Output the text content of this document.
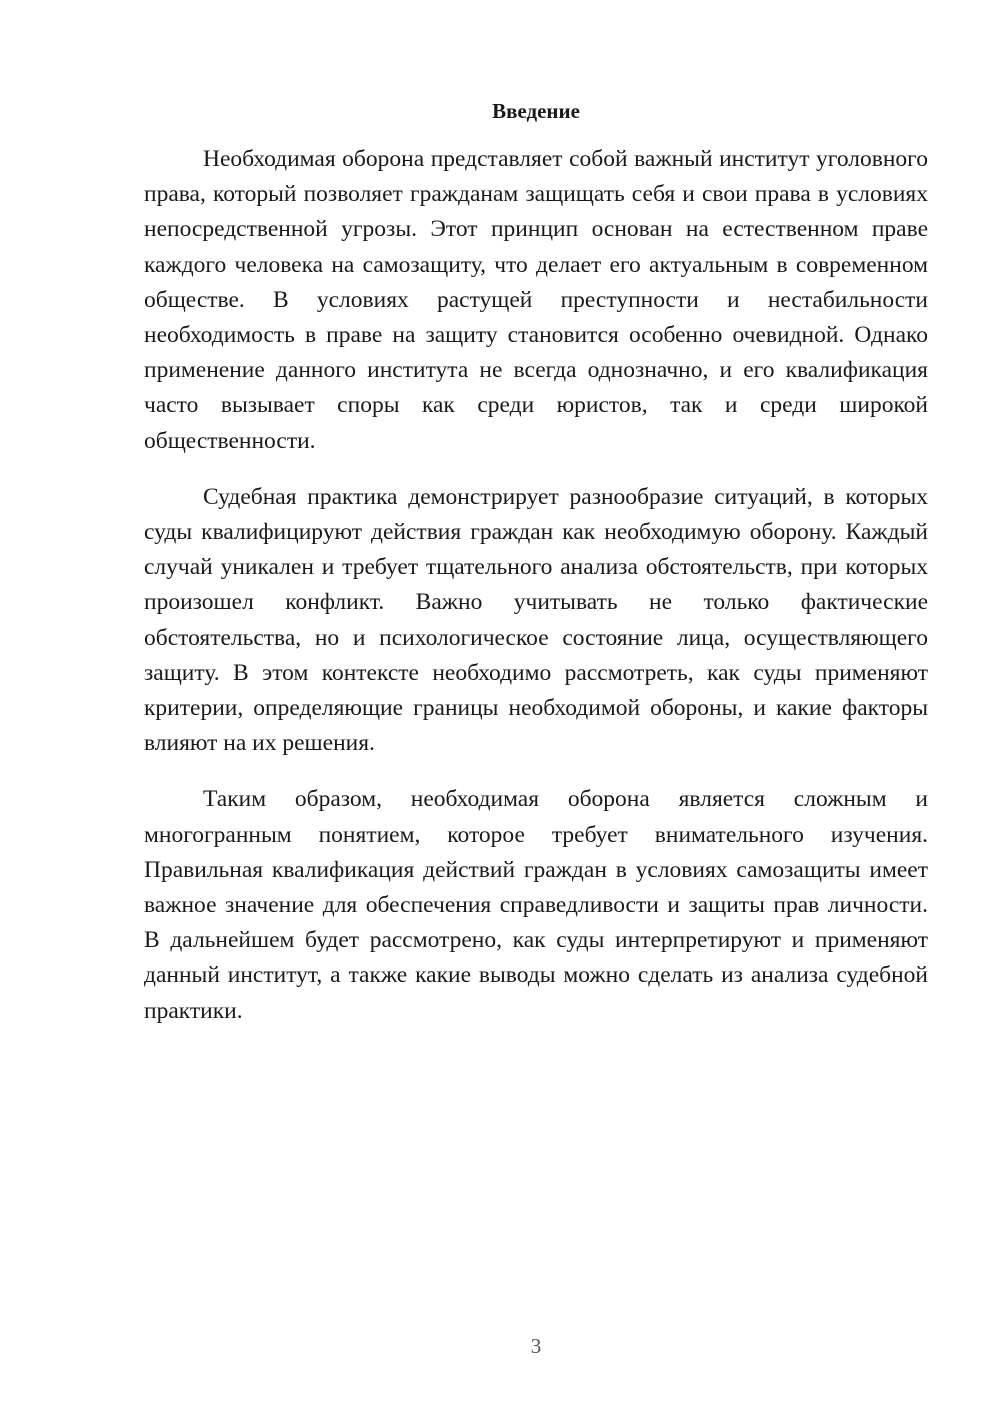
Введение

Необходимая оборона представляет собой важный институт уголовного права, который позволяет гражданам защищать себя и свои права в условиях непосредственной угрозы. Этот принцип основан на естественном праве каждого человека на самозащиту, что делает его актуальным в современном обществе. В условиях растущей преступности и нестабильности необходимость в праве на защиту становится особенно очевидной. Однако применение данного института не всегда однозначно, и его квалификация часто вызывает споры как среди юристов, так и среди широкой общественности.

Судебная практика демонстрирует разнообразие ситуаций, в которых суды квалифицируют действия граждан как необходимую оборону. Каждый случай уникален и требует тщательного анализа обстоятельств, при которых произошел конфликт. Важно учитывать не только фактические обстоятельства, но и психологическое состояние лица, осуществляющего защиту. В этом контексте необходимо рассмотреть, как суды применяют критерии, определяющие границы необходимой обороны, и какие факторы влияют на их решения.

Таким образом, необходимая оборона является сложным и многогранным понятием, которое требует внимательного изучения. Правильная квалификация действий граждан в условиях самозащиты имеет важное значение для обеспечения справедливости и защиты прав личности. В дальнейшем будет рассмотрено, как суды интерпретируют и применяют данный институт, а также какие выводы можно сделать из анализа судебной практики.

3
